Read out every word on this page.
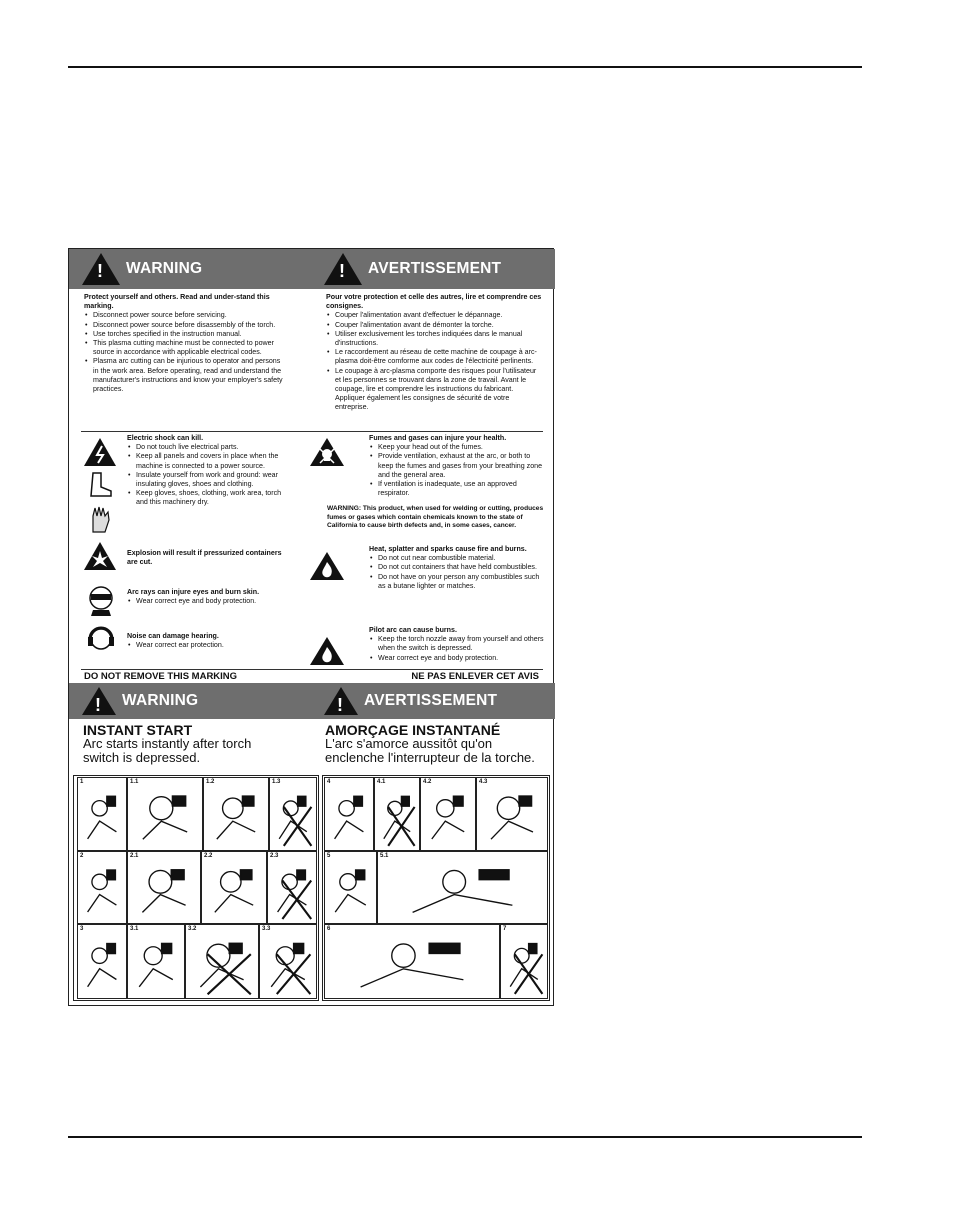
!
WARNING !	AVERTISSEMENT
Protect yourself and others. Read and under-stand this marking.
• Disconnect power source before servicing.
• Disconnect power source before disassembly of the torch.
• Use torches specified in the instruction manual.
• This plasma cutting machine must be connected to power source in accordance with applicable electrical codes.
• Plasma arc cutting can be injurious to operator and persons in the work area. Before operating, read and understand the manufacturer's instructions and know your employer's safety practices.
Pour votre protection et celle des autres, lire et comprendre ces consignes.
• Couper l'alimentation avant d'effectuer le dépannage.
• Couper l'alimentation avant de démonter la torche.
• Utiliser exclusivement les torches indiquées dans le manual d'instructions.
• Le raccordement au réseau de cette machine de coupage à arc-plasma doit-être comforme aux codes de l'électricité perlinents.
• Le coupage à arc-plasma comporte des risques pour l'utilisateur et les personnes se trouvant dans la zone de travail. Avant le coupage, lire et comprendre les instructions du fabricant. Appliquer également les consignes de sécurité de votre entreprise.
Electric shock can kill.
• Do not touch live electrical parts.
• Keep all panels and covers in place when the machine is connected to a power source.
• Insulate yourself from work and ground: wear insulating gloves, shoes and clothing.
• Keep gloves, shoes, clothing, work area, torch and this machinery dry.
Explosion will result if pressurized containers are cut.
Arc rays can injure eyes and burn skin.
• Wear correct eye and body protection.
Noise can damage hearing.
• Wear correct ear protection.
Fumes and gases can injure your health.
• Keep your head out of the fumes.
• Provide ventilation, exhaust at the arc, or both to keep the fumes and gases from your breathing zone and the general area.
• If ventilation is inadequate, use an approved respirator.
WARNING: This product, when used for welding or cutting, produces fumes or gases which contain chemicals known to the state of California to cause birth defects and, in some cases, cancer.
Heat, splatter and sparks cause fire and burns.
• Do not cut near combustible material.
• Do not cut containers that have held combustibles.
• Do not have on your person any combustibles such as a butane lighter or matches.
Pilot arc can cause burns.
• Keep the torch nozzle away from yourself and others when the switch is depressed.
• Wear correct eye and body protection.
DO NOT REMOVE THIS MARKING	NE PAS ENLEVER CET AVIS
!
WARNING !	AVERTISSEMENT
INSTANT START
Arc starts instantly after torch switch is depressed.
AMORÇAGE INSTANTANÉ
L'arc s'amorce aussitôt qu'on enclenche l'interrupteur de la torche.
1	1.1	1.2	1.3
2	2.1	2.2	2.3
3	3.1	3.2	3.3
4	4.1	4.2	4.3
5	5.1
6	7
